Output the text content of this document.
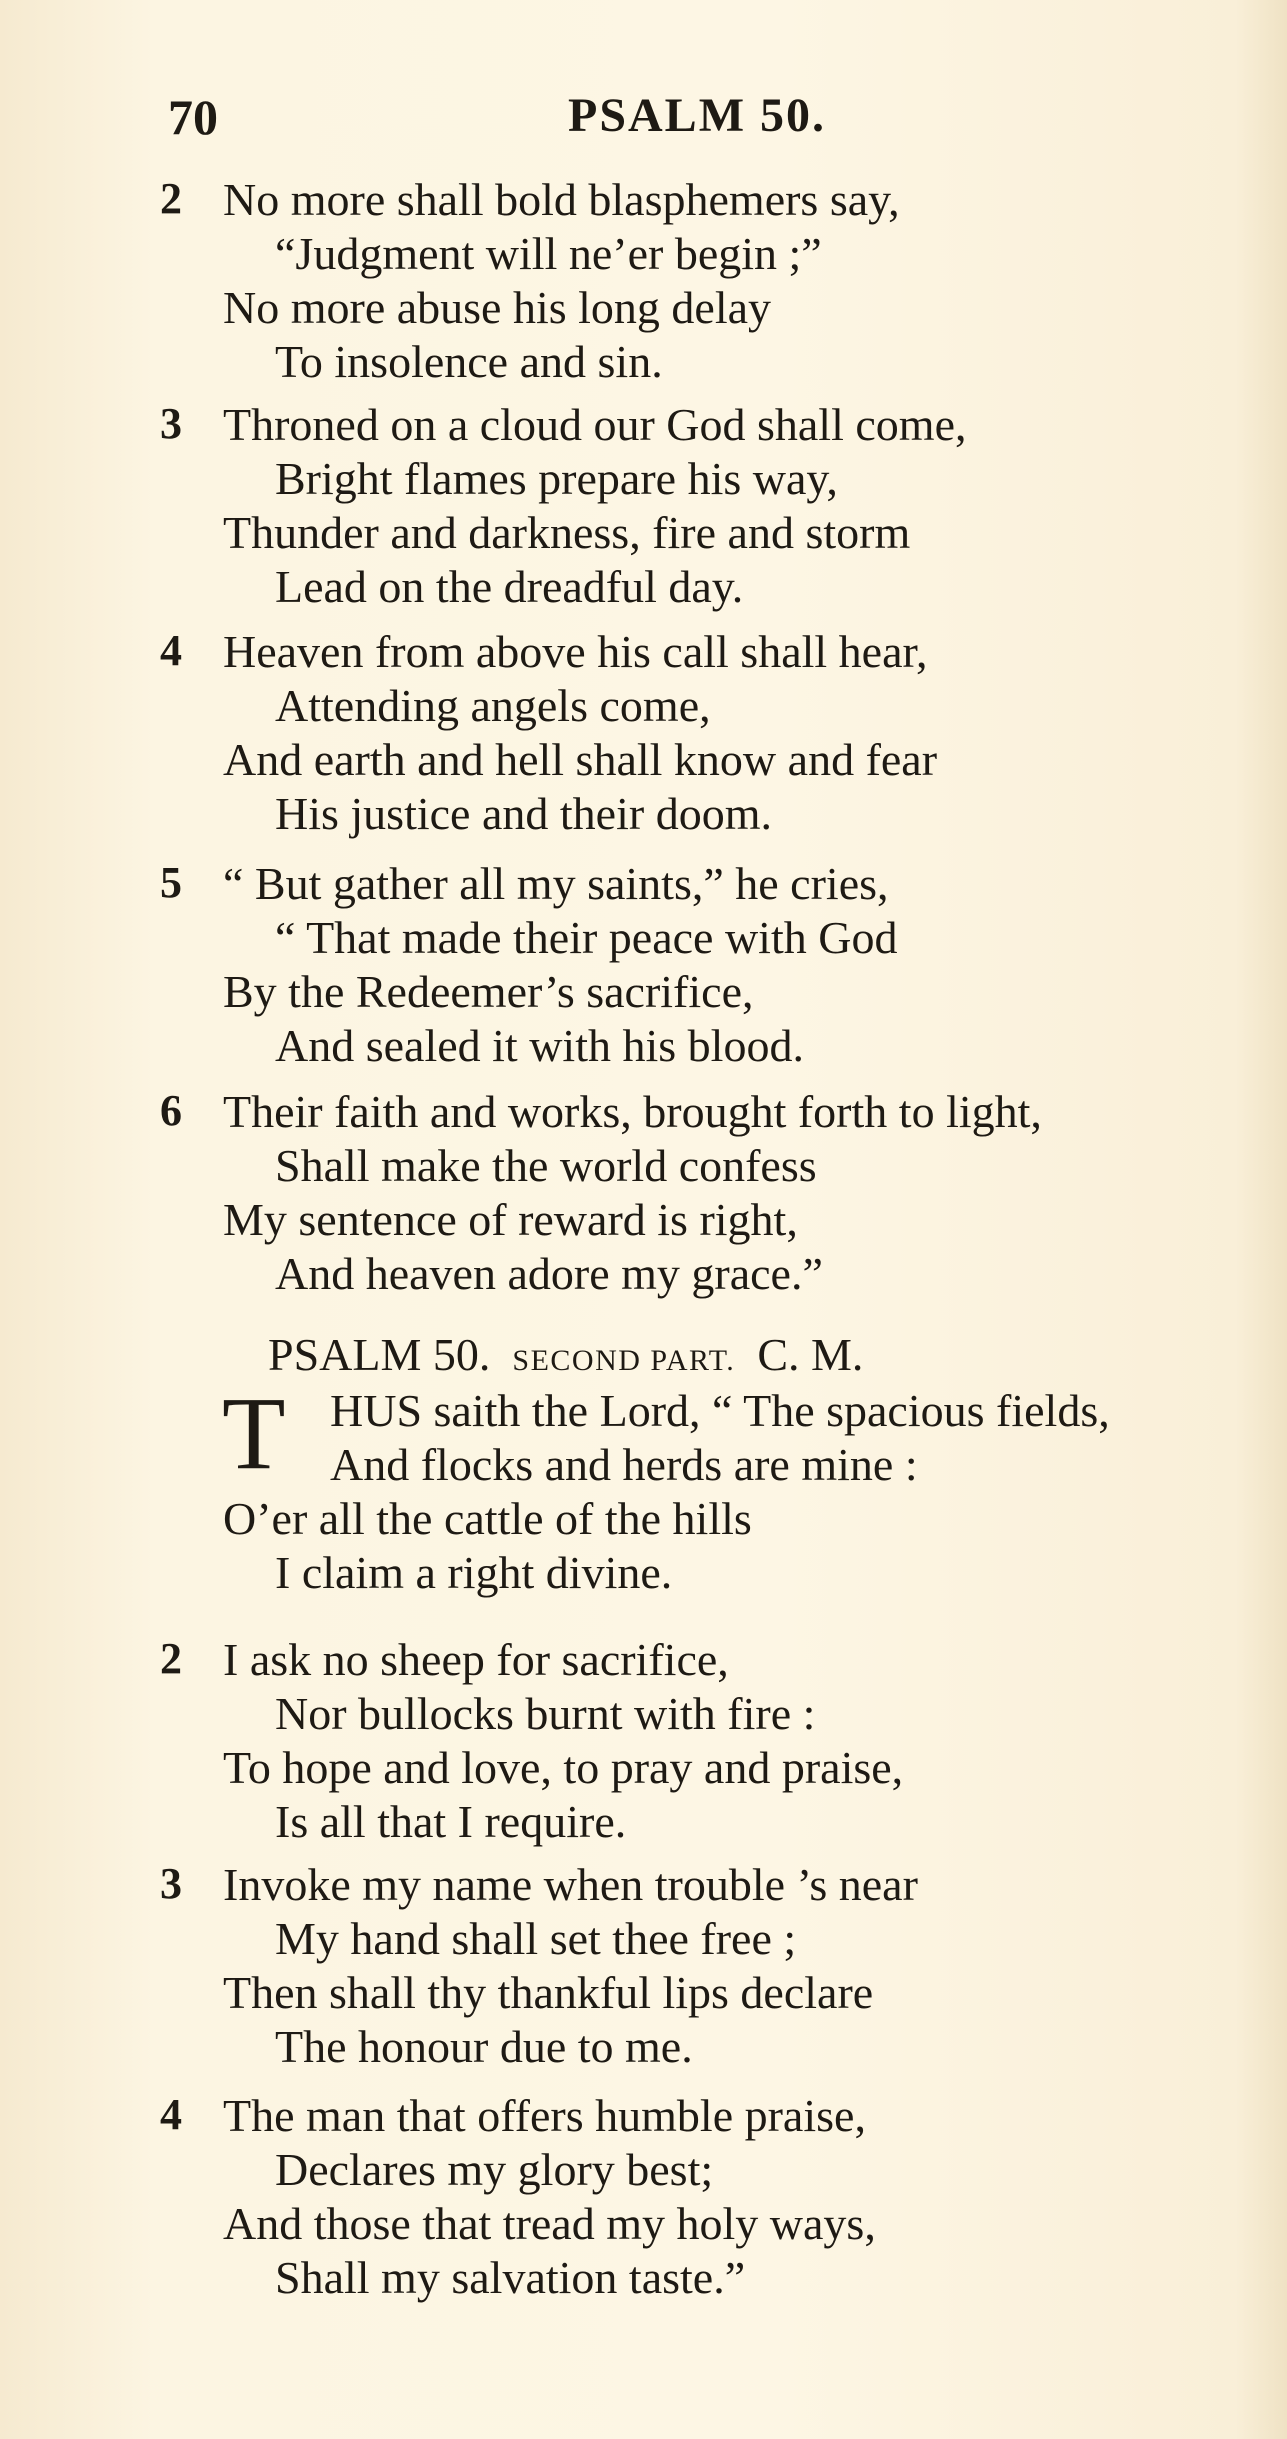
70	PSALM 50.
2 No more shall bold blasphemers say,
“Judgment will ne’er begin ;”
No more abuse his long delay
To insolence and sin.
3 Throned on a cloud our God shall come,
Bright flames prepare his way,
Thunder and darkness, fire and storm
Lead on the dreadful day.
4 Heaven from above his call shall hear,
Attending angels come,
And earth and hell shall know and fear
His justice and their doom.
5 “ But gather all my saints,” he cries,
“ That made their peace with God
By the Redeemer’s sacrifice,
And sealed it with his blood.
6 Their faith and works, brought forth to light,
Shall make the world confess
My sentence of reward is right,
And heaven adore my grace.”
PSALM 50. SECOND PART. C. M.
T HUS saith the Lord, “ The spacious fields,
And flocks and herds are mine :
O’er all the cattle of the hills
I claim a right divine.
2 I ask no sheep for sacrifice,
Nor bullocks burnt with fire :
To hope and love, to pray and praise,
Is all that I require.
3 Invoke my name when trouble ’s near
My hand shall set thee free ;
Then shall thy thankful lips declare
The honour due to me.
4 The man that offers humble praise,
Declares my glory best;
And those that tread my holy ways,
Shall my salvation taste.”
